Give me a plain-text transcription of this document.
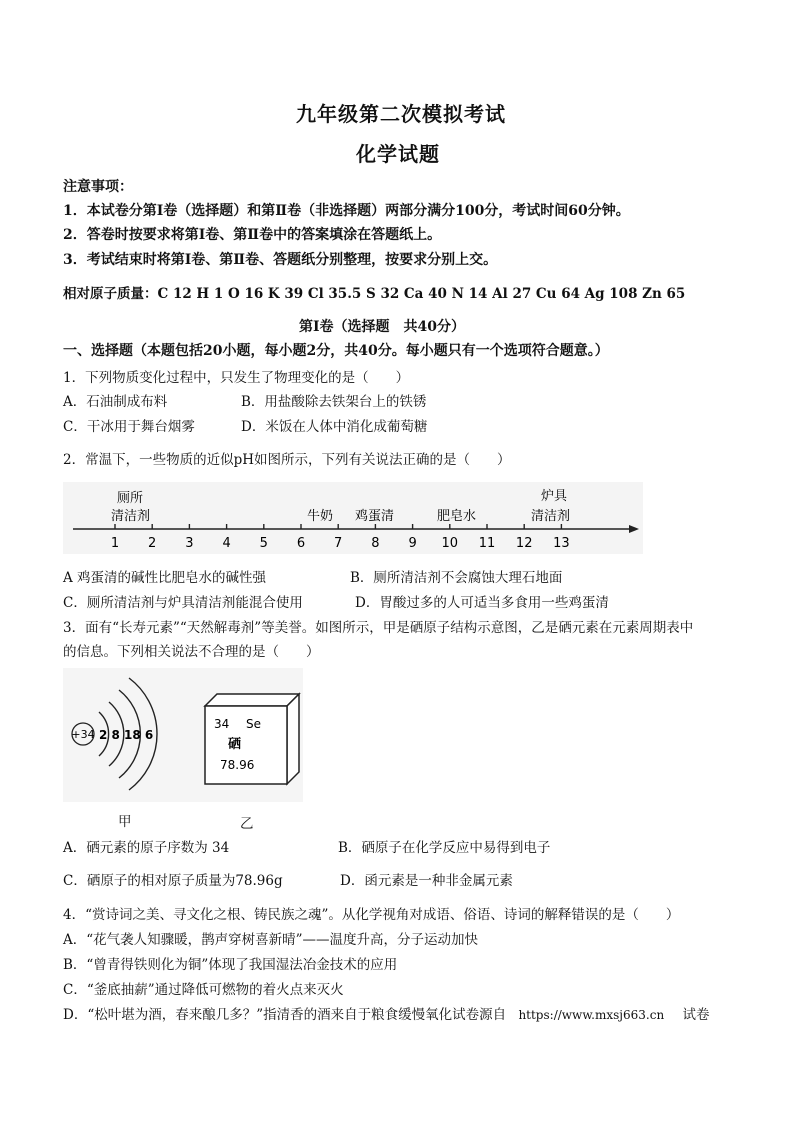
九年级第二次模拟考试
化学试题
注意事项：
1．本试卷分第Ⅰ卷（选择题）和第Ⅱ卷（非选择题）两部分满分100分，考试时间60分钟。
2．答卷时按要求将第Ⅰ卷、第Ⅱ卷中的答案填涂在答题纸上。
3．考试结束时将第Ⅰ卷、第Ⅱ卷、答题纸分别整理，按要求分别上交。
相对原子质量：C 12 H 1 O 16 K 39 Cl 35.5 S 32 Ca 40 N 14 Al 27 Cu 64 Ag 108 Zn 65
第Ⅰ卷（选择题　共40分）
一、选择题（本题包括20小题，每小题2分，共40分。每小题只有一个选项符合题意。）
1．下列物质变化过程中，只发生了物理变化的是（　　）
A．石油制成布料	B．用盐酸除去铁架台上的铁锈
C．干冰用于舞台烟雾	D．米饭在人体中消化成葡萄糖
2．常温下，一些物质的近似pH如图所示，下列有关说法正确的是（　　）
厕所
清洁剂	牛奶 鸡蛋清	肥皂水
炉具
清洁剂
1 2 3 4 5 6 7 8 9 10 11 12 13
A 鸡蛋清的碱性比肥皂水的碱性强	B．厕所清洁剂不会腐蚀大理石地面
C．厕所清洁剂与炉具清洁剂能混合使用	D．胃酸过多的人可适当多食用一些鸡蛋清
3．面有“长寿元素”“天然解毒剂”等美誉。如图所示，甲是硒原子结构示意图，乙是硒元素在元素周期表中
的信息。下列相关说法不合理的是（　　）
+34 2 8 18 6
34 Se
硒
78.96
甲	乙
A．硒元素的原子序数为 34	B．硒原子在化学反应中易得到电子
C．硒原子的相对原子质量为78.96g	D．函元素是一种非金属元素
4．“赏诗词之美、寻文化之根、铸民族之魂”。从化学视角对成语、俗语、诗词的解释错误的是（　　）
A．“花气袭人知骤暖，鹊声穿树喜新晴”——温度升高，分子运动加快
B．“曾青得铁则化为铜”体现了我国湿法冶金技术的应用
C．“釜底抽薪”通过降低可燃物的着火点来灭火
D．“松叶堪为酒，春来酿几多？”指清香的酒来自于粮食缓慢氧化试卷源自 https://www.mxsj663.cn 试卷
